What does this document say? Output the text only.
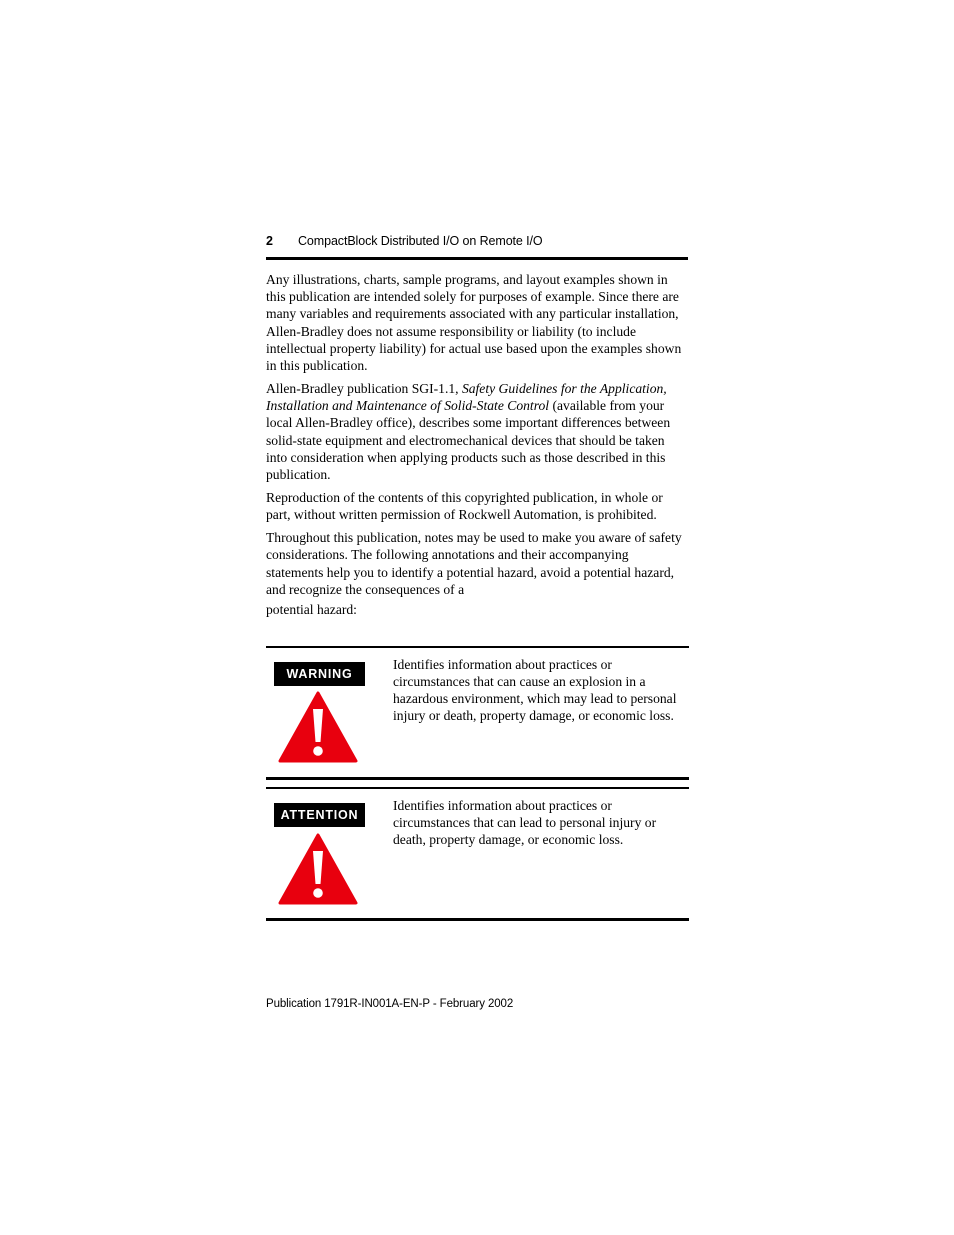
2 CompactBlock Distributed I/O on Remote I/O

Any illustrations, charts, sample programs, and layout examples shown in this publication are intended solely for purposes of example. Since there are many variables and requirements associated with any particular installation, Allen-Bradley does not assume responsibility or liability (to include intellectual property liability) for actual use based upon the examples shown in this publication.

Allen-Bradley publication SGI-1.1, Safety Guidelines for the Application, Installation and Maintenance of Solid-State Control (available from your local Allen-Bradley office), describes some important differences between solid-state equipment and electromechanical devices that should be taken into consideration when applying products such as those described in this publication.

Reproduction of the contents of this copyrighted publication, in whole or part, without written permission of Rockwell Automation, is prohibited.

Throughout this publication, notes may be used to make you aware of safety considerations. The following annotations and their accompanying statements help you to identify a potential hazard, avoid a potential hazard, and recognize the consequences of a
potential hazard:

WARNING
Identifies information about practices or circumstances that can cause an explosion in a hazardous environment, which may lead to personal injury or death, property damage, or economic loss.
ATTENTION
Identifies information about practices or circumstances that can lead to personal injury or death, property damage, or economic loss.
Publication 1791R-IN001A-EN-P - February 2002
